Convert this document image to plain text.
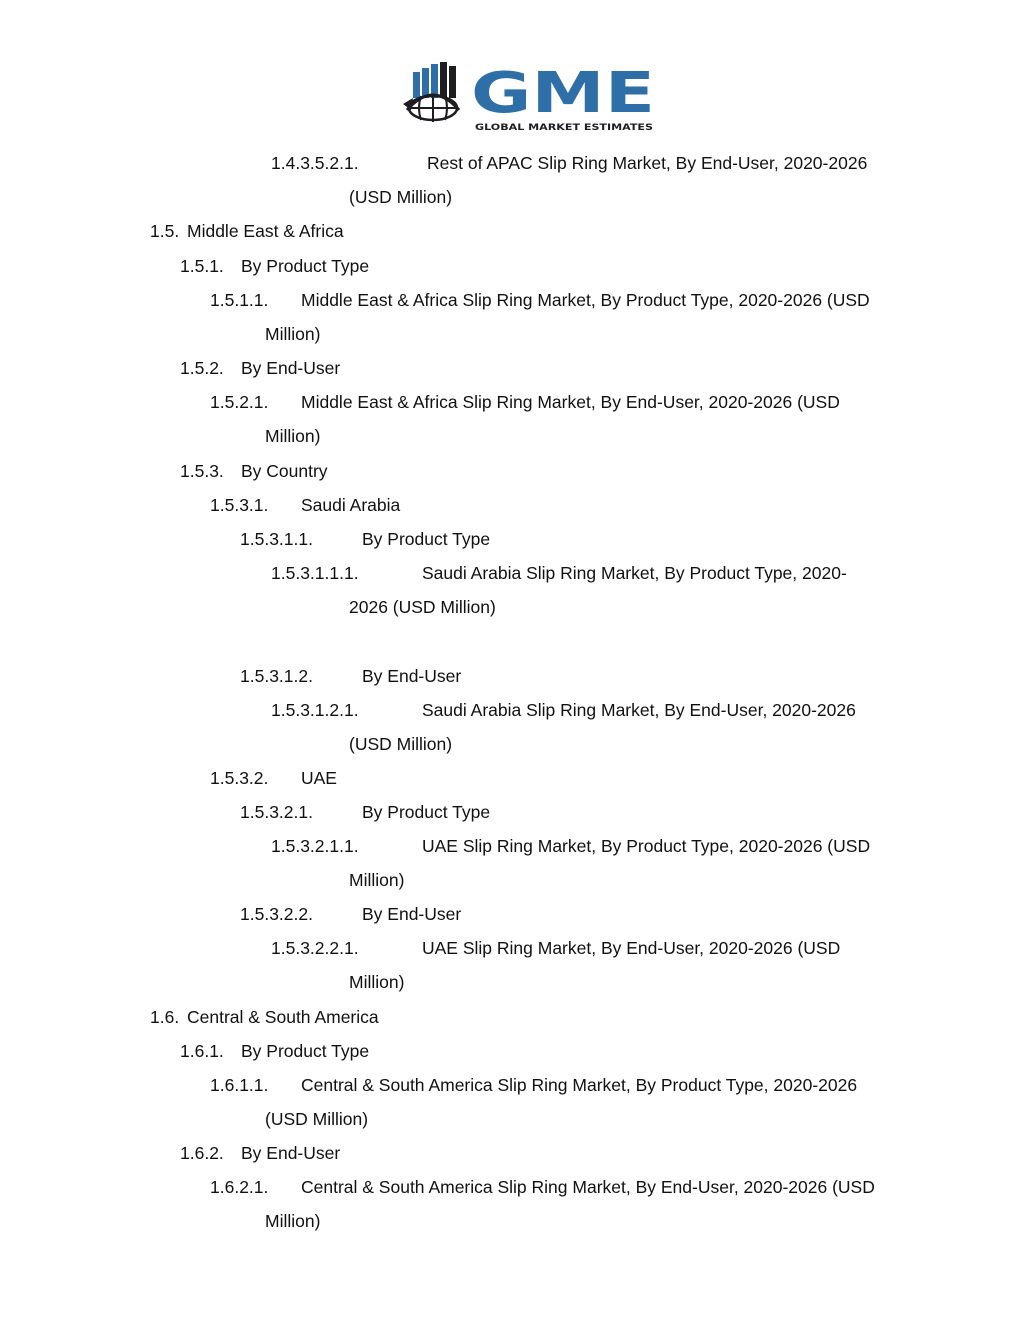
GME
GLOBAL MARKET ESTIMATES
1.4.3.5.2.1.	Rest of APAC Slip Ring Market, By End-User, 2020-2026
(USD Million)
1.5. Middle East & Africa
1.5.1. By Product Type
1.5.1.1. Middle East & Africa Slip Ring Market, By Product Type, 2020-2026 (USD
Million)
1.5.2. By End-User
1.5.2.1. Middle East & Africa Slip Ring Market, By End-User, 2020-2026 (USD
Million)
1.5.3. By Country
1.5.3.1. Saudi Arabia
1.5.3.1.1.	By Product Type
1.5.3.1.1.1.	Saudi Arabia Slip Ring Market, By Product Type, 2020-
2026 (USD Million)
1.5.3.1.2.	By End-User
1.5.3.1.2.1.	Saudi Arabia Slip Ring Market, By End-User, 2020-2026
(USD Million)
1.5.3.2. UAE
1.5.3.2.1.	By Product Type
1.5.3.2.1.1.	UAE Slip Ring Market, By Product Type, 2020-2026 (USD
Million)
1.5.3.2.2.	By End-User
1.5.3.2.2.1.	UAE Slip Ring Market, By End-User, 2020-2026 (USD
Million)
1.6. Central & South America
1.6.1. By Product Type
1.6.1.1. Central & South America Slip Ring Market, By Product Type, 2020-2026
(USD Million)
1.6.2. By End-User
1.6.2.1. Central & South America Slip Ring Market, By End-User, 2020-2026 (USD
Million)
